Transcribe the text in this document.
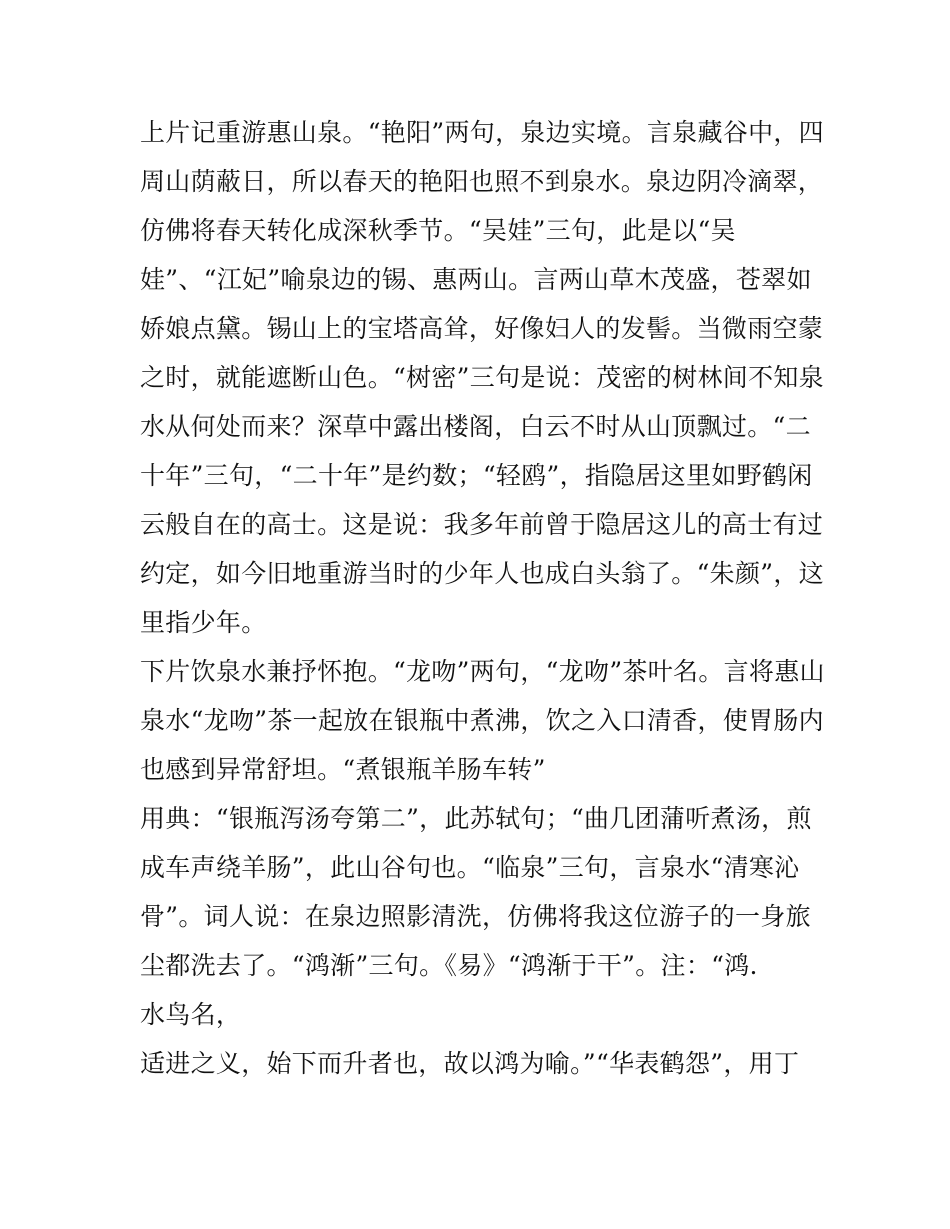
上片记重游惠山泉。“艳阳”两句，泉边实境。言泉藏谷中，四
周山荫蔽日，所以春天的艳阳也照不到泉水。泉边阴冷滴翠，
仿佛将春天转化成深秋季节。“吴娃”三句，此是以“吴
娃”、“江妃”喻泉边的锡、惠两山。言两山草木茂盛，苍翠如
娇娘点黛。锡山上的宝塔高耸，好像妇人的发髻。当微雨空蒙
之时，就能遮断山色。“树密”三句是说：茂密的树林间不知泉
水从何处而来？深草中露出楼阁，白云不时从山顶飘过。“二
十年”三句，“二十年”是约数；“轻鸥”，指隐居这里如野鹤闲
云般自在的高士。这是说：我多年前曾于隐居这儿的高士有过
约定，如今旧地重游当时的少年人也成白头翁了。“朱颜”，这
里指少年。
下片饮泉水兼抒怀抱。“龙吻”两句，“龙吻”茶叶名。言将惠山
泉水“龙吻”茶一起放在银瓶中煮沸，饮之入口清香，使胃肠内
也感到异常舒坦。“煮银瓶羊肠车转”
用典：“银瓶泻汤夸第二”，此苏轼句；“曲几团蒲听煮汤，煎
成车声绕羊肠”，此山谷句也。“临泉”三句，言泉水“清寒沁
骨”。词人说：在泉边照影清洗，仿佛将我这位游子的一身旅
尘都洗去了。“鸿渐”三句。《易》“鸿渐于干”。注：“鸿.
水鸟名，
适进之义，始下而升者也，故以鸿为喻。”“华表鹤怨”，用丁
